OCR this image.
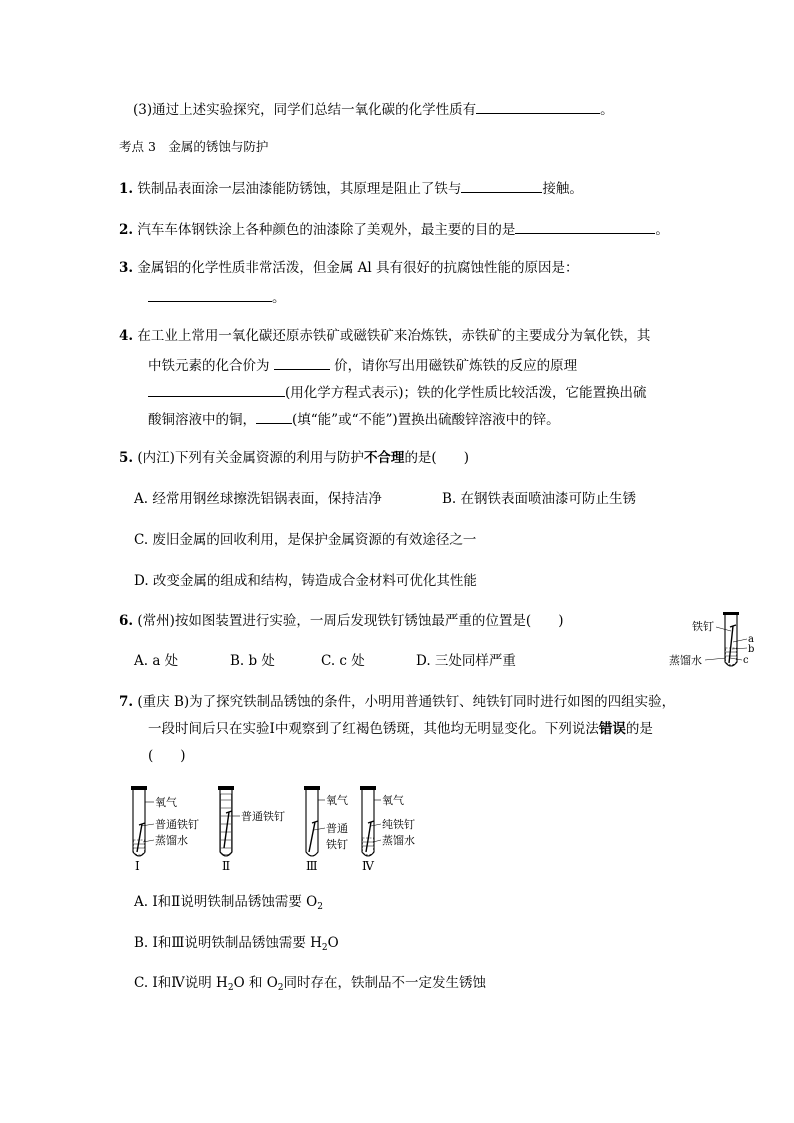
(3)通过上述实验探究，同学们总结一氧化碳的化学性质有	。
考点 3　金属的锈蚀与防护
1. 铁制品表面涂一层油漆能防锈蚀，其原理是阻止了铁与	接触。
2. 汽车车体钢铁涂上各种颜色的油漆除了美观外，最主要的目的是	。
3. 金属铝的化学性质非常活泼，但金属 Al 具有很好的抗腐蚀性能的原因是：
。
4. 在工业上常用一氧化碳还原赤铁矿或磁铁矿来冶炼铁，赤铁矿的主要成分为氧化铁，其
中铁元素的化合价为	价，请你写出用磁铁矿炼铁的反应的原理
(用化学方程式表示)；铁的化学性质比较活泼，它能置换出硫
酸铜溶液中的铜，	(填“能”或“不能”)置换出硫酸锌溶液中的锌。
5. (内江)下列有关金属资源的利用与防护不合理的是(　　)
A. 经常用钢丝球擦洗铝锅表面，保持洁净	B. 在钢铁表面喷油漆可防止生锈
C. 废旧金属的回收利用，是保护金属资源的有效途径之一
D. 改变金属的组成和结构，铸造成合金材料可优化其性能
6. (常州)按如图装置进行实验，一周后发现铁钉锈蚀最严重的位置是(　　)
A. a 处	B. b 处	C. c 处	D. 三处同样严重
铁钉
蒸馏水
a
b
c
7. (重庆 B)为了探究铁制品锈蚀的条件，小明用普通铁钉、纯铁钉同时进行如图的四组实验，
一段时间后只在实验Ⅰ中观察到了红褐色锈斑，其他均无明显变化。下列说法错误的是
(　　)
氧气
普通铁钉
蒸馏水
Ⅰ
普通铁钉
Ⅱ
氧气
普通
铁钉
Ⅲ
氧气
纯铁钉
蒸馏水
Ⅳ
A. Ⅰ和Ⅱ说明铁制品锈蚀需要 $O_2$
B. Ⅰ和Ⅲ说明铁制品锈蚀需要 $H_2O$
C. Ⅰ和Ⅳ说明 $H_2O$ 和 $O_2$同时存在，铁制品不一定发生锈蚀
